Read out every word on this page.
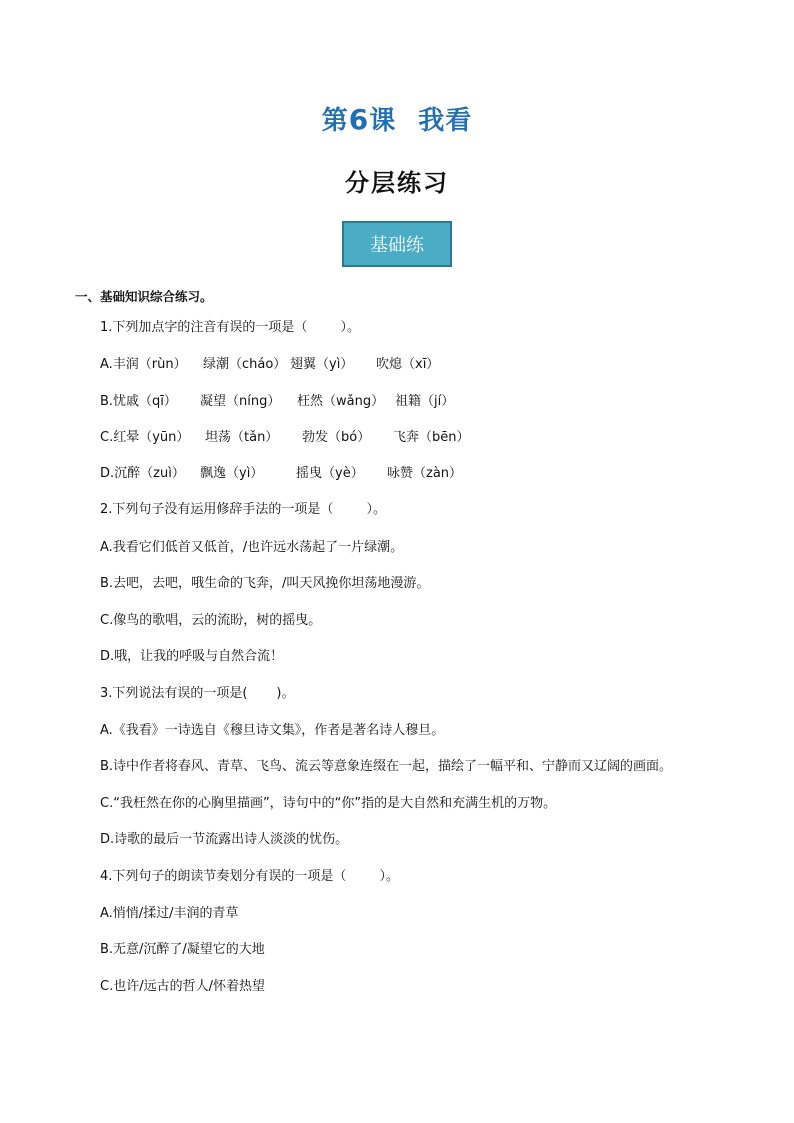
第6课 我看
分层练习
基础练
一、基础知识综合练习。
1.下列加点字的注音有误的一项是（        ）。
A.丰润（rùn）	绿潮（cháo） 翅翼（yì）	吹熄（xī）
B.忧戚（qī）	凝望（níng）	枉然（wǎng） 祖籍（jí）
C.红晕（yūn）	坦荡（tǎn）	勃发（bó）	飞奔（bēn）
D.沉醉（zuì）	飘逸（yì）	摇曳（yè）	咏赞（zàn）
2.下列句子没有运用修辞手法的一项是（        ）。
A.我看它们低首又低首，/也许远水荡起了一片绿潮。
B.去吧，去吧，哦生命的飞奔，/叫天风挽你坦荡地漫游。
C.像鸟的歌唱，云的流盼，树的摇曳。
D.哦，让我的呼吸与自然合流！
3.下列说法有误的一项是(       )。
A.《我看》一诗选自《穆旦诗文集》，作者是著名诗人穆旦。
B.诗中作者将春风、青草、飞鸟、流云等意象连缀在一起，描绘了一幅平和、宁静而又辽阔的画面。
C.“我枉然在你的心胸里描画”，诗句中的“你”指的是大自然和充满生机的万物。
D.诗歌的最后一节流露出诗人淡淡的忧伤。
4.下列句子的朗读节奏划分有误的一项是（        ）。
A.悄悄/揉过/丰润的青草
B.无意/沉醉了/凝望它的大地
C.也许/远古的哲人/怀着热望
